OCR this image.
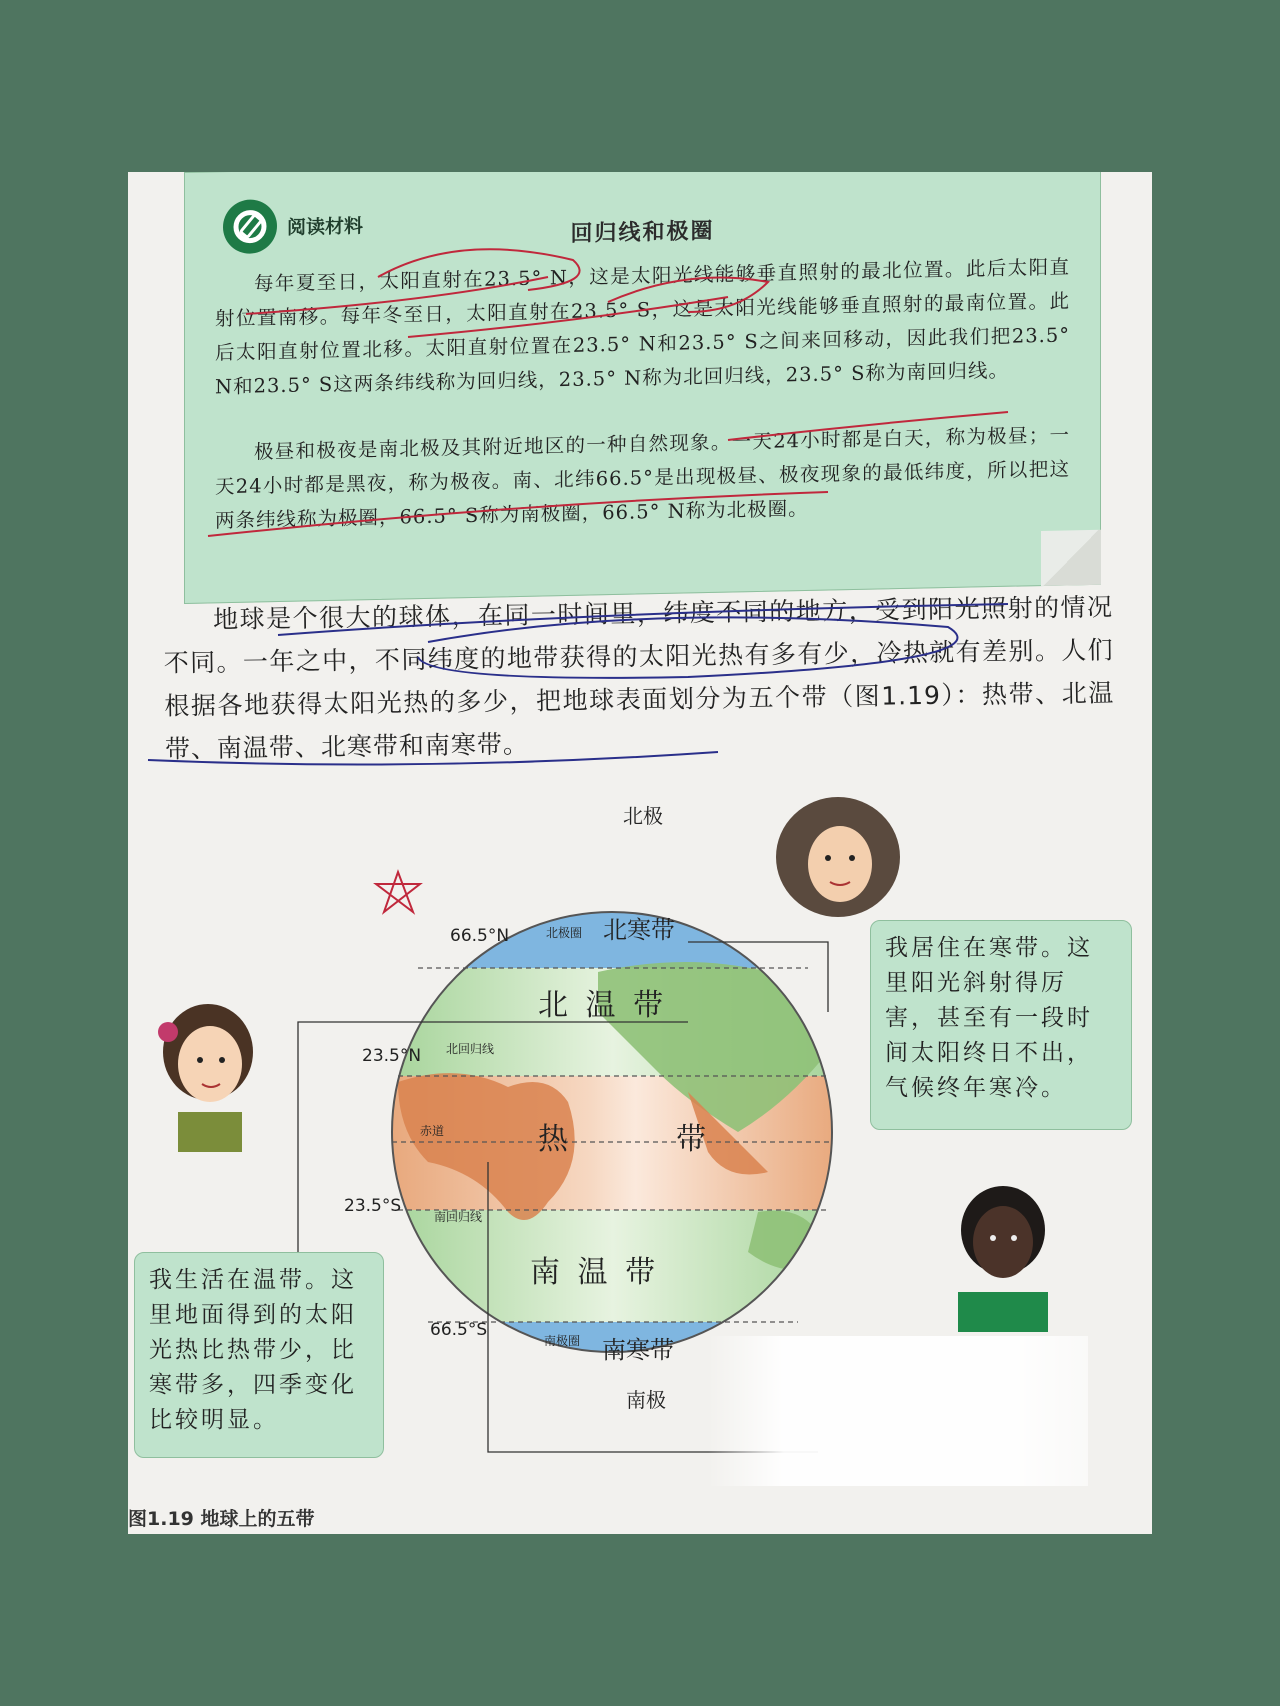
阅读材料	回归线和极圈
每年夏至日，太阳直射在23.5° N，这是太阳光线能够垂直照射的最北位置。此后太阳直射位置南移。每年冬至日，太阳直射在23.5° S，这是太阳光线能够垂直照射的最南位置。此后太阳直射位置北移。太阳直射位置在23.5° N和23.5° S之间来回移动，因此我们把23.5° N和23.5° S这两条纬线称为回归线，23.5° N称为北回归线，23.5° S称为南回归线。
极昼和极夜是南北极及其附近地区的一种自然现象。一天24小时都是白天，称为极昼；一天24小时都是黑夜，称为极夜。南、北纬66.5°是出现极昼、极夜现象的最低纬度，所以把这两条纬线称为极圈，66.5° S称为南极圈，66.5° N称为北极圈。
地球是个很大的球体，在同一时间里，纬度不同的地方，受到阳光照射的情况不同。一年之中，不同纬度的地带获得的太阳光热有多有少，冷热就有差别。人们根据各地获得太阳光热的多少，把地球表面划分为五个带（图1.19）：热带、北温带、南温带、北寒带和南寒带。
北极
南极
北寒带
北 温 带
热	带
南 温 带
南寒带
北极圈
北回归线
赤道
南回归线
南极圈
66.5°N
23.5°N
23.5°S
66.5°S
我居住在寒带。这里阳光斜射得厉害，甚至有一段时间太阳终日不出，气候终年寒冷。
我生活在温带。这里地面得到的太阳光热比热带少，比寒带多，四季变化比较明显。
图1.19 地球上的五带
